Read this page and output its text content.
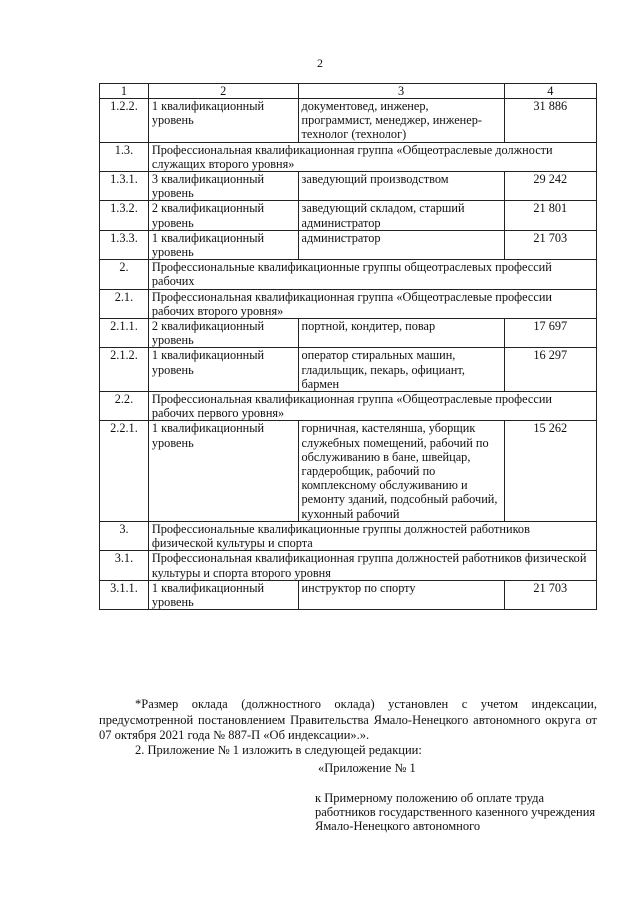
2
1	2	3	4
1.2.2.	1 квалификационный уровень	документовед, инженер, программист, менеджер, инженер-технолог (технолог)	31 886
1.3.	Профессиональная квалификационная группа «Общеотраслевые должности служащих второго уровня»		
1.3.1.	3 квалификационный уровень	заведующий производством	29 242
1.3.2.	2 квалификационный уровень	заведующий складом, старший администратор	21 801
1.3.3.	1 квалификационный уровень	администратор	21 703
2.	Профессиональные квалификационные группы общеотраслевых профессий рабочих		
2.1.	Профессиональная квалификационная группа «Общеотраслевые профессии рабочих второго уровня»		
2.1.1.	2 квалификационный уровень	портной, кондитер, повар	17 697
2.1.2.	1 квалификационный уровень	оператор стиральных машин, гладильщик, пекарь, официант, бармен	16 297
2.2.	Профессиональная квалификационная группа «Общеотраслевые профессии рабочих первого уровня»		
2.2.1.	1 квалификационный уровень	горничная, кастелянша, уборщик служебных помещений, рабочий по обслуживанию в бане, швейцар, гардеробщик, рабочий по комплексному обслуживанию и ремонту зданий, подсобный рабочий, кухонный рабочий	15 262
3.	Профессиональные квалификационные группы должностей работников физической культуры и спорта		
3.1.	Профессиональная квалификационная группа должностей работников физической культуры и спорта второго уровня		
3.1.1.	1 квалификационный уровень	инструктор по спорту	21 703
*Размер оклада (должностного оклада) установлен с учетом индексации, предусмотренной постановлением Правительства Ямало-Ненецкого автономного округа от 07 октября 2021 года № 887-П «Об индексации».».
2. Приложение № 1 изложить в следующей редакции:
«Приложение № 1
к Примерному положению об оплате труда работников государственного казенного учреждения Ямало-Ненецкого автономного
